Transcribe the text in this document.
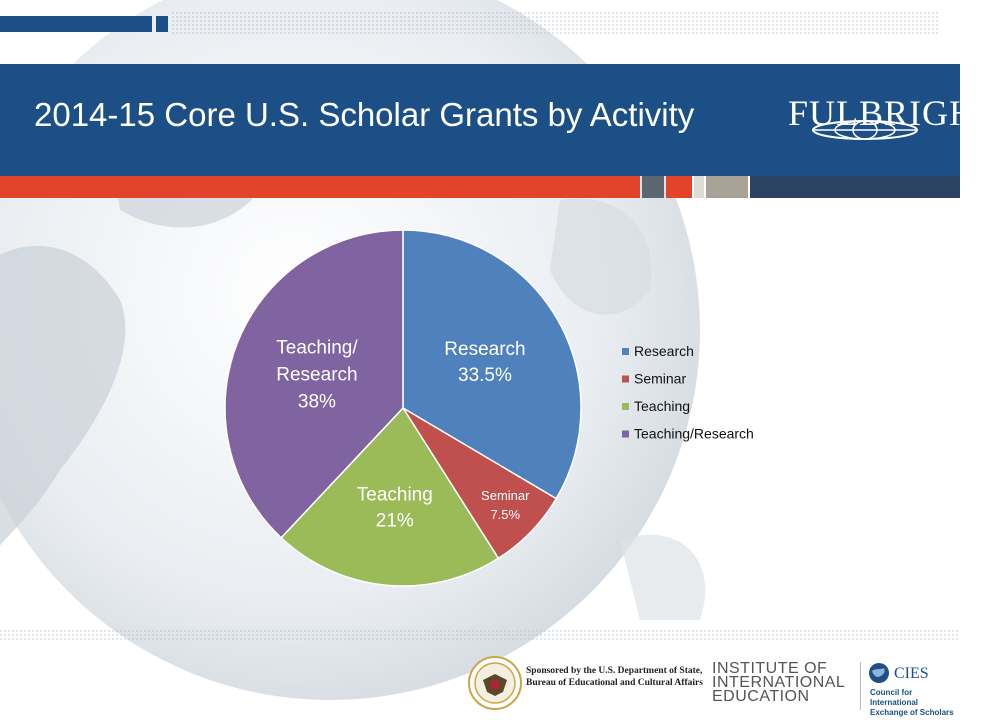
2014-15 Core U.S. Scholar Grants by Activity	FULBRIGHT
Research 33.5%
Seminar 7.5%
Teaching 21%
Teaching/ Research 38%
Research
Seminar
Teaching
Teaching/Research
Sponsored by the U.S. Department of State,
Bureau of Educational and Cultural Affairs
INSTITUTE OF
INTERNATIONAL
EDUCATION
CIES
Council for International
Exchange of Scholars
